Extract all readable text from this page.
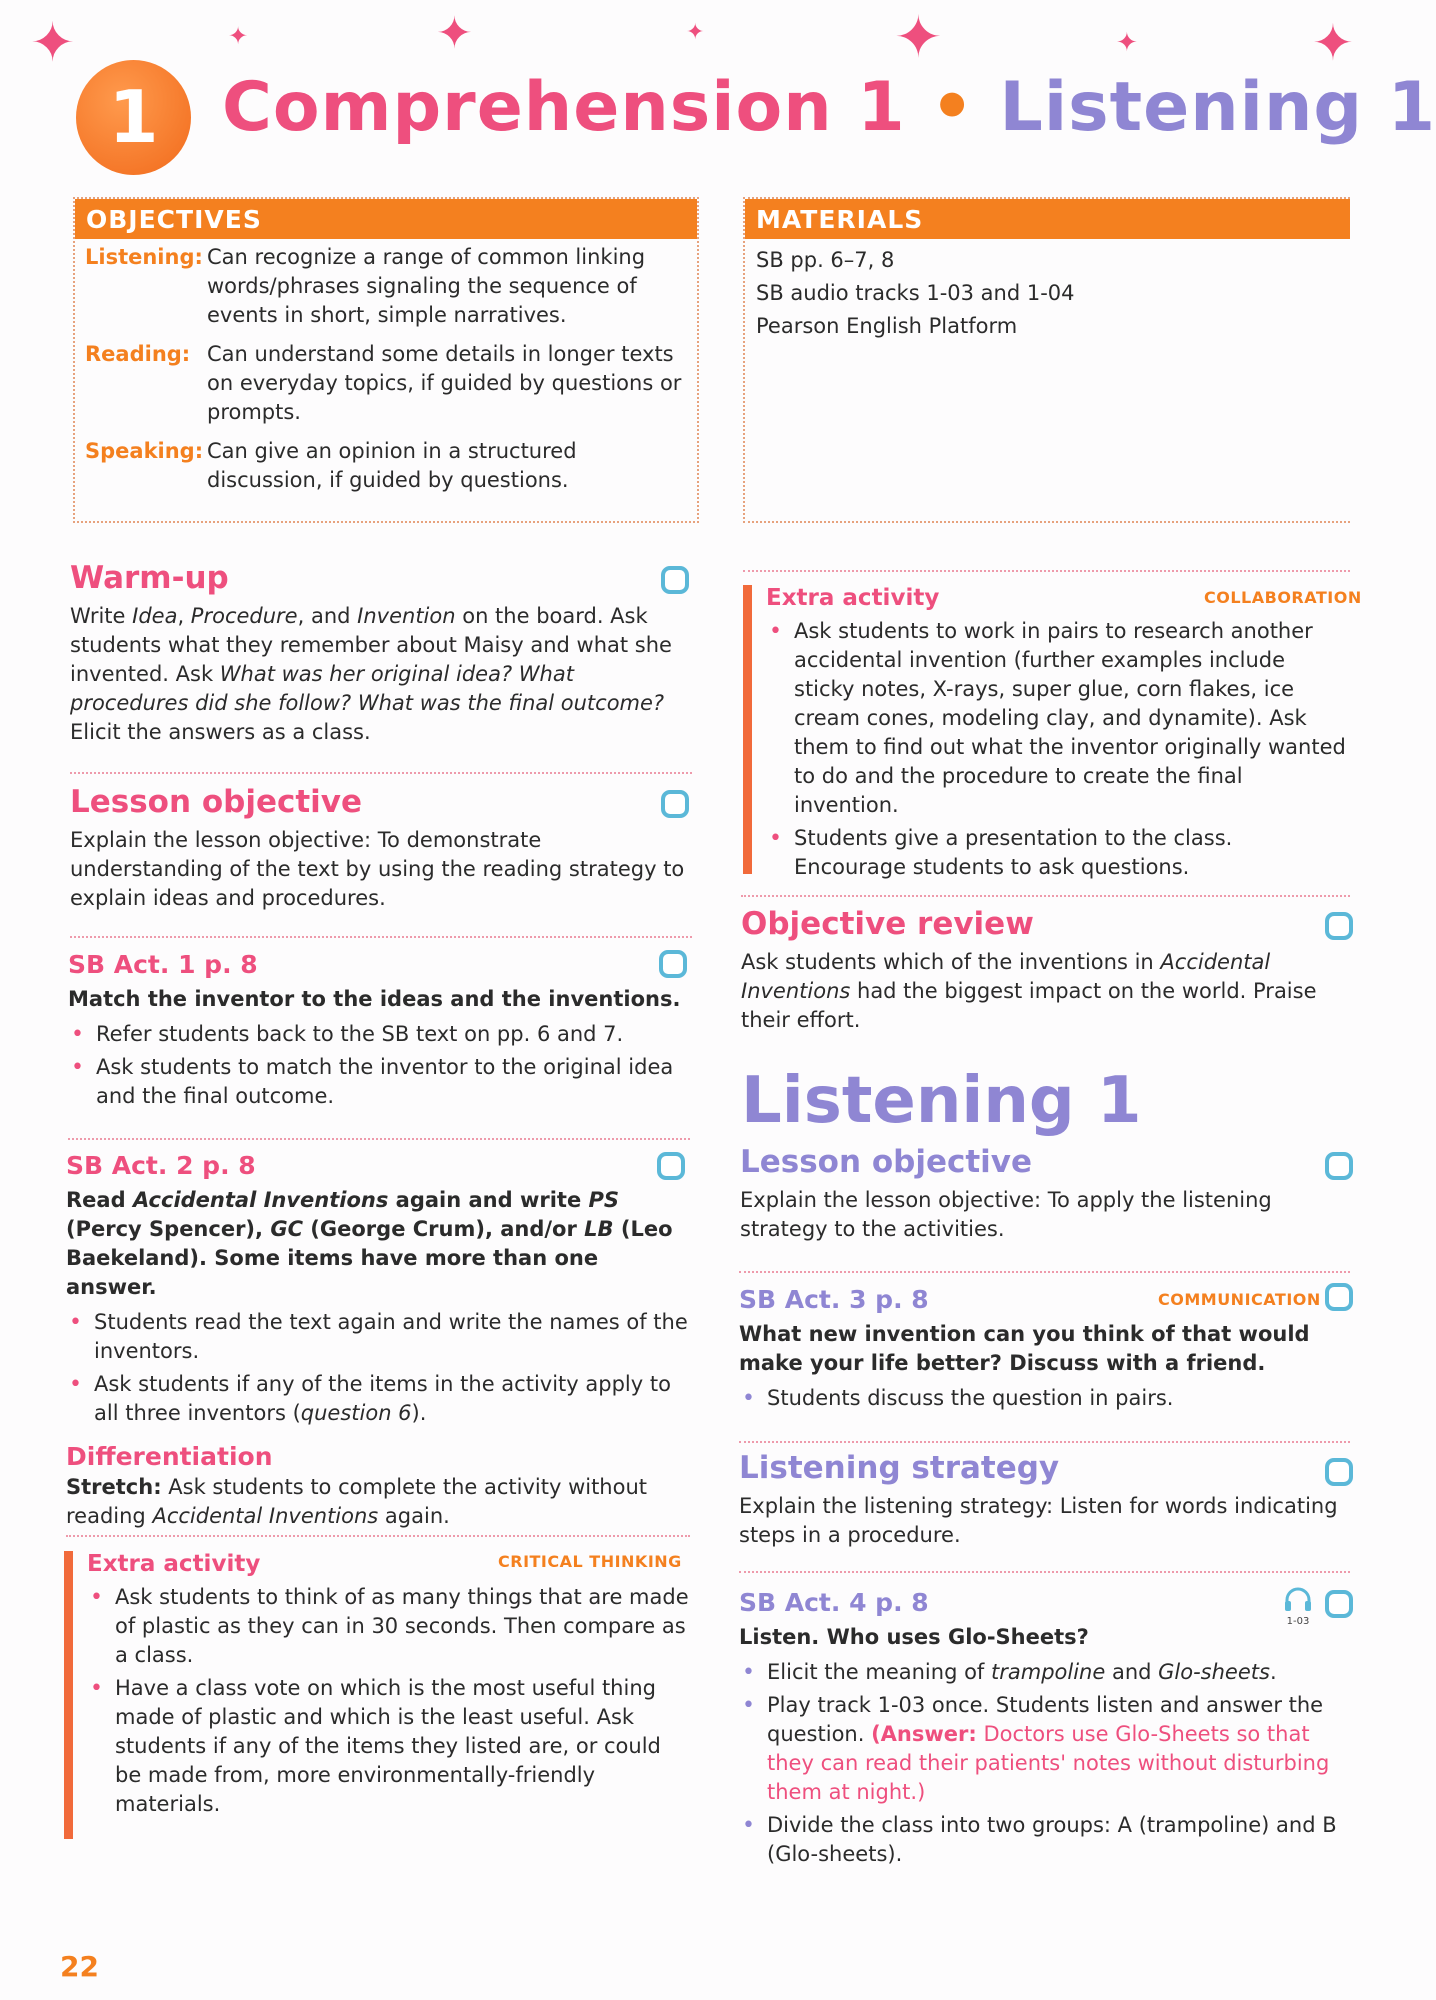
✦	✦	✦	✦	✦	✦	✦
1 Comprehension 1 • Listening 1
OBJECTIVES
Listening: Can recognize a range of common linking words/phrases signaling the sequence of events in short, simple narratives.
Reading: Can understand some details in longer texts on everyday topics, if guided by questions or prompts.
Speaking: Can give an opinion in a structured discussion, if guided by questions.
MATERIALS
SB pp. 6–7, 8
SB audio tracks 1-03 and 1-04
Pearson English Platform
Warm-up

Write Idea, Procedure, and Invention on the board. Ask students what they remember about Maisy and what she invented. Ask What was her original idea? What procedures did she follow? What was the final outcome? Elicit the answers as a class.

Lesson objective

Explain the lesson objective: To demonstrate understanding of the text by using the reading strategy to explain ideas and procedures.

SB Act. 1 p. 8

Match the inventor to the ideas and the inventions.

• Refer students back to the SB text on pp. 6 and 7.
• Ask students to match the inventor to the original idea and the final outcome.
SB Act. 2 p. 8

Read Accidental Inventions again and write PS (Percy Spencer), GC (George Crum), and/or LB (Leo Baekeland). Some items have more than one answer.

• Students read the text again and write the names of the inventors.
• Ask students if any of the items in the activity apply to all three inventors (question 6).
Differentiation

Stretch: Ask students to complete the activity without reading Accidental Inventions again.

Extra activity
• Ask students to think of as many things that are made of plastic as they can in 30 seconds. Then compare as a class.
• Have a class vote on which is the most useful thing made of plastic and which is the least useful. Ask students if any of the items they listed are, or could be made from, more environmentally-friendly materials.
CRITICAL THINKING
22
Extra activity
• Ask students to work in pairs to research another accidental invention (further examples include sticky notes, X-rays, super glue, corn flakes, ice cream cones, modeling clay, and dynamite). Ask them to find out what the inventor originally wanted to do and the procedure to create the final invention.
• Students give a presentation to the class. Encourage students to ask questions.
COLLABORATION
Objective review

Ask students which of the inventions in Accidental Inventions had the biggest impact on the world. Praise their effort.

Listening 1
Lesson objective

Explain the lesson objective: To apply the listening strategy to the activities.

SB Act. 3 p. 8

What new invention can you think of that would make your life better? Discuss with a friend.

• Students discuss the question in pairs.
COMMUNICATION
Listening strategy

Explain the listening strategy: Listen for words indicating steps in a procedure.

SB Act. 4 p. 8

Listen. Who uses Glo-Sheets?

• Elicit the meaning of trampoline and Glo-sheets.
• Play track 1-03 once. Students listen and answer the question. (Answer: Doctors use Glo-Sheets so that they can read their patients' notes without disturbing them at night.)
• Divide the class into two groups: A (trampoline) and B (Glo-sheets).
1-03
